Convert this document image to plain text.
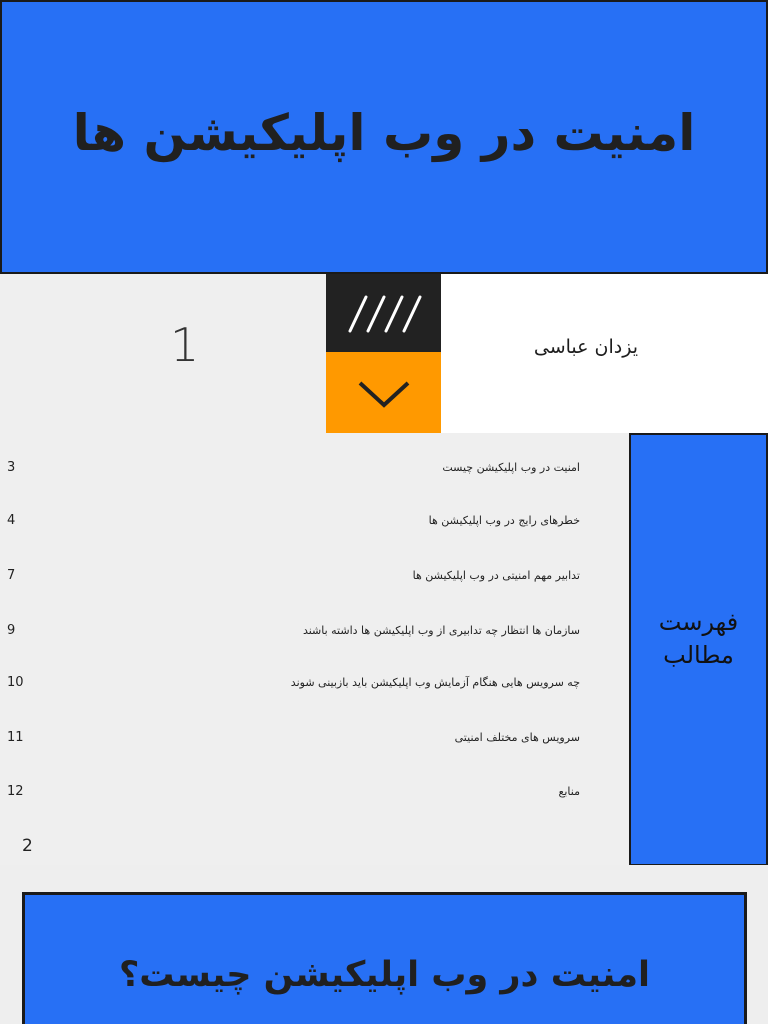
امنیت در وب اپلیکیشن ها
1	یزدان عباسی
فهرست مطالب
امنیت در وب اپلیکیشن چیست
3
خطرهای رایج در وب اپلیکیشن ها
4
تدابیر مهم امنیتی در وب اپلیکیشن ها
7
سازمان ها انتظار چه تدابیری از وب اپلیکیشن ها داشته باشند
9
چه سرویس هایی هنگام آزمایش وب اپلیکیشن باید بازبینی شوند
10
سرویس های مختلف امنیتی
11
منابع
12
2
امنیت در وب اپلیکیشن چیست؟
